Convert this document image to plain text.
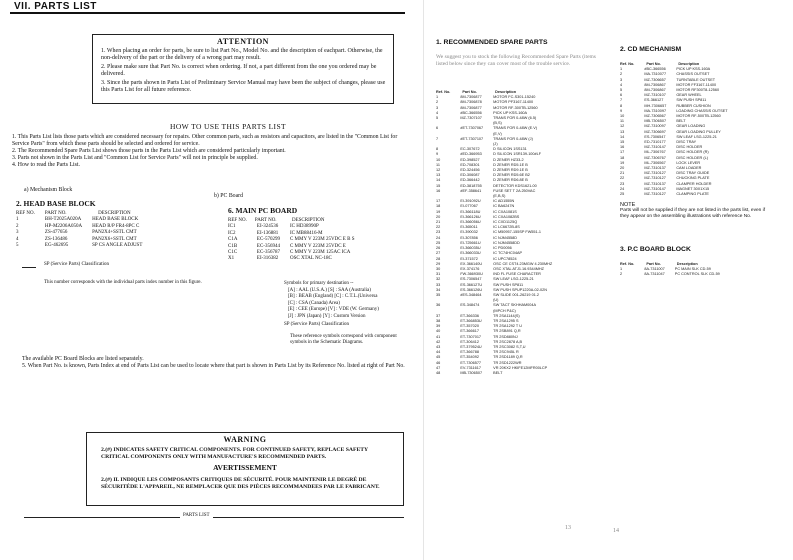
VII. PARTS LIST
ATTENTION
1. When placing an order for parts, be sure to list Part No., Model No. and the description of eachpart. Otherwise, the non-delivery of the part or the delivery of a wrong part may result.
2. Please make sure that Part No. is correct when ordering. If not, a part different from the one you ordered may be delivered.
3. Since the parts shown in Parts List of Preliminary Service Manual may have been the subject of changes, please use this Parts List for all future reference.
HOW TO USE THIS PARTS LIST
1. This Parts List lists those parts which are considered necessary for repairs. Other common parts, such as resistors and capacitors, are listed in the "Common List for Service Parts" from which these parts should be selected and ordered for service.
2. The Recommended Spare Parts List shows those parts in the Parts List which are considered particularly important.
3. Parts not shown in the Parts List and "Common List for Service Parts" will not in principle be supplied.
4. How to read the Parts List.
a) Mechanism Block
b) PC Board
2. HEAD BASE BLOCK
REF NO.	PART NO.	DESCRIPTION
1	BH-T2025A020A	HEAD BASE BLOCK
2	HP-M2206A050A	HEAD R/P FR4-8PC C
3	ZS-477656	PAN2X4+SSTL CMT
4	ZS-136486	PAN2X6+SSTL CMT
5	EG-462695	SP CS ANGLE ADJUST
SP (Service Parts) Classification
This number corresponds with the individual parts index number in this figure.
6. MAIN PC BOARD
REF NO.	PART NO.	DESCRIPTION
IC1	EI-324536	IC HD38990P
IC2	EI-136881	IC MB88416-M
C1A	EC-570299	C MMY V 223M 25VDC E B S
C1B	EC-356944	C MMY V 223M 25VDC E
C1C	EC-356787	C MMY V 223M 125AC ICA
X1	EI-316382	OSC XTAL NC-18C
Symbols for primary destination --
[A] : AAL (U.S.A.) [S] : SAA (Australia)
[B] : BEAB (England) [C] : C.T.L.(Universa
[C] : CSA (Canada) Area)
[E] : CEE (Europe) [V] : VDE (W. Germany)
[J] : JPN (Japan) [Y] : Custom Version
SP (Service Parts) Classification
These reference symbols correspond with component symbols in the Schematic Diagrams.
The available PC Board Blocks are listed separately.
5. When Part No. is known, Parts Index at end of Parts List can be used to locate where that part is shown in Parts List by its Reference No. listed at right of Part No.
WARNING
2.(#) INDICATES SAFETY CRITICAL COMPONENTS. FOR CONTINUED SAFETY, REPLACE SAFETY CRITICAL COMPONENTS ONLY WITH MANUFACTURE'S RECOMMENDED PARTS.
AVERTISSEMENT
2.(#) IL INDIQUE LES COMPOSANTS CRITIQUES DE SÉCURITÉ. POUR MAINTENIR LE DEGRÉ DE SÉCURITÉDE L'APPAREIL, NE REMPLACER QUE DES PIÈCES RECOMMANDEES PAR LE FABRICANT.
PARTS LIST
1. RECOMMENDED SPARE PARTS
We suggest you to stock the following Recommended Spare Parts (items listed below since they can cover most of the trouble service.
Ref. No.	Part No.	Description
1	8M-7306877	MOTOR FC-S301-15240
2	8M-7306878	MOTOR PF3167-11400
3	8M-7306877	MOTOR RF-300TB-12560
4	#BC-366556	PICK UP KSS-160A
5	MZ-7307107	TRANS FOR 0-48W (6.5)
		(B,S)
6	#ET-7307067	TRANS FOR 0-48W (E.V)
		(E,V)
7	#ET-7307107	TRANS FOR 0-48W (J)
		(J)
8	EC-307672	D SILICON 1SS131
9	#ED-366953	D SILICON 1SR139-100#LF
10	ED-398527	D ZENER HZ33-2
11	ED-708301	D ZENER RD5.1E B
12	ED-324456	D ZENER RD9.1E B
13	ED-306087	D ZENER RD5.6E B2
14	ED-366442	D ZENER RD6.8E B
15	ED-3818755	DETECTOR KDS1621-00
16	#EF-358641	FUSE SET T 2A 250VAC
		(E,B,S)
17	EI-391092U	IC AD1555N
18	EI-077067	IC BA6247N
19	EI-366118U	IC CXA1081S
20	EI-366126U	IC CXA1082BS
21	EI-366056U	IC CXD1125Q
22	EI-365011	IC LC6672B-8S
23	EI-390032	IC M50957-155SP FW551-1
24	EI-307856	IC NJM4558D
25	EI-725661U	IC NJM4558DD
26	EI-366035U	IC PD0056
27	EI-366033U	IC TC74HC04AP
28	EI-371572	IC UPC78524
29	EX-366140U	OSC CE CST4.23MGW 4.230MHZ
30	EX-374176	OSC XTAL ATJ1.16.9344MHZ
31	FW-366930U	IND FL FUSE CHARACTER
32	ES-7306547	SW LEAF LSG-1225-21
33	ES-366127U	SW PUSH SP811
34	ES-366126U	SW PUSH SPUP1220A-02-02N
35	#ES-348464	SW SLIDE 001-26219 01.2
		(U)
36	ES-348474	SW TACT SKHHAM004A
		(MPCH P&C)
37	ET-366336	TR 2SA1144(S)
38	ET-366853U	TR 2SA1295 S
39	ET-357020	TR 2SA1292 T U
40	ET-366617	TR 2SB891 Q,R
41	ET-7307017	TR 2SD880NJ
42	ET-306412	TR 2SC2878 A,B
43	ET-379524U	TR 2SC3082 S,T,U
44	ET-366788	TR 2SC945L R
45	ET-354092	TR 2SD1189 Q,R
46	ET-7306577	TR 2SD1222WR
47	EV-7311617	VR 20KX2 HKIFE12MFR00LCP
48	MB-7306507	BELT
2. CD MECHANISM
Ref. No.	Part No.	Description
1	#BC-366556	PICK UP KSS-160A
2	MA-7310077	CHASSIS OUTSET
3	MZ-7306657	TURNTABLE OUTSET
4	8M-7306867	MOTOR FF3167-11400
5	8M-7306867	MOTOR RF300T8-12560
6	MZ-7310107	GEAR WHEEL
7	ES-366127	SW PUSH SP811
8	MH-7306657	RUBBER CUSHION
9	MA-7310097	LOADING CHASSIS OUTSET
10	MZ-7306567	MOTOR RF-500TB-12560
11	MB-7306507	BELT
12	MZ-7310097	GEAR LOADING
13	MZ-7306697	GEAR LOADING PULLEY
14	ES-7306547	SW LEAF LSG-1225-21
15	ED-7310177	DISC TRAY
16	MZ-7310147	DISC HOLDER
17	ML-7306767	DISC HOLDER (R)
18	MZ-7306767	DISC HOLDER (L)
19	ML-7306567	LOCK LEVER
20	MZ-7310137	CAM LOADER
21	MZ-7310127	DISC TRAY GUIDE
22	MZ-7310127	CHUCKING PLATE
23	MZ-7310137	CLAMPER HOLDER
24	MZ-7310147	MAGNET 30X1X15
25	MZ-7310127	CLAMPING PLATE
NOTE
Parts will not be supplied if they are not listed in the parts list, even if they appear on the assembling illustrations with reference No.
3. P.C BOARD BLOCK
Ref. No.	Part No.	Description
1	8A-7311007	PC MAIN SLK CD-59
2	8A-7311047	PC CONTROL SLK CD-59
13	14
